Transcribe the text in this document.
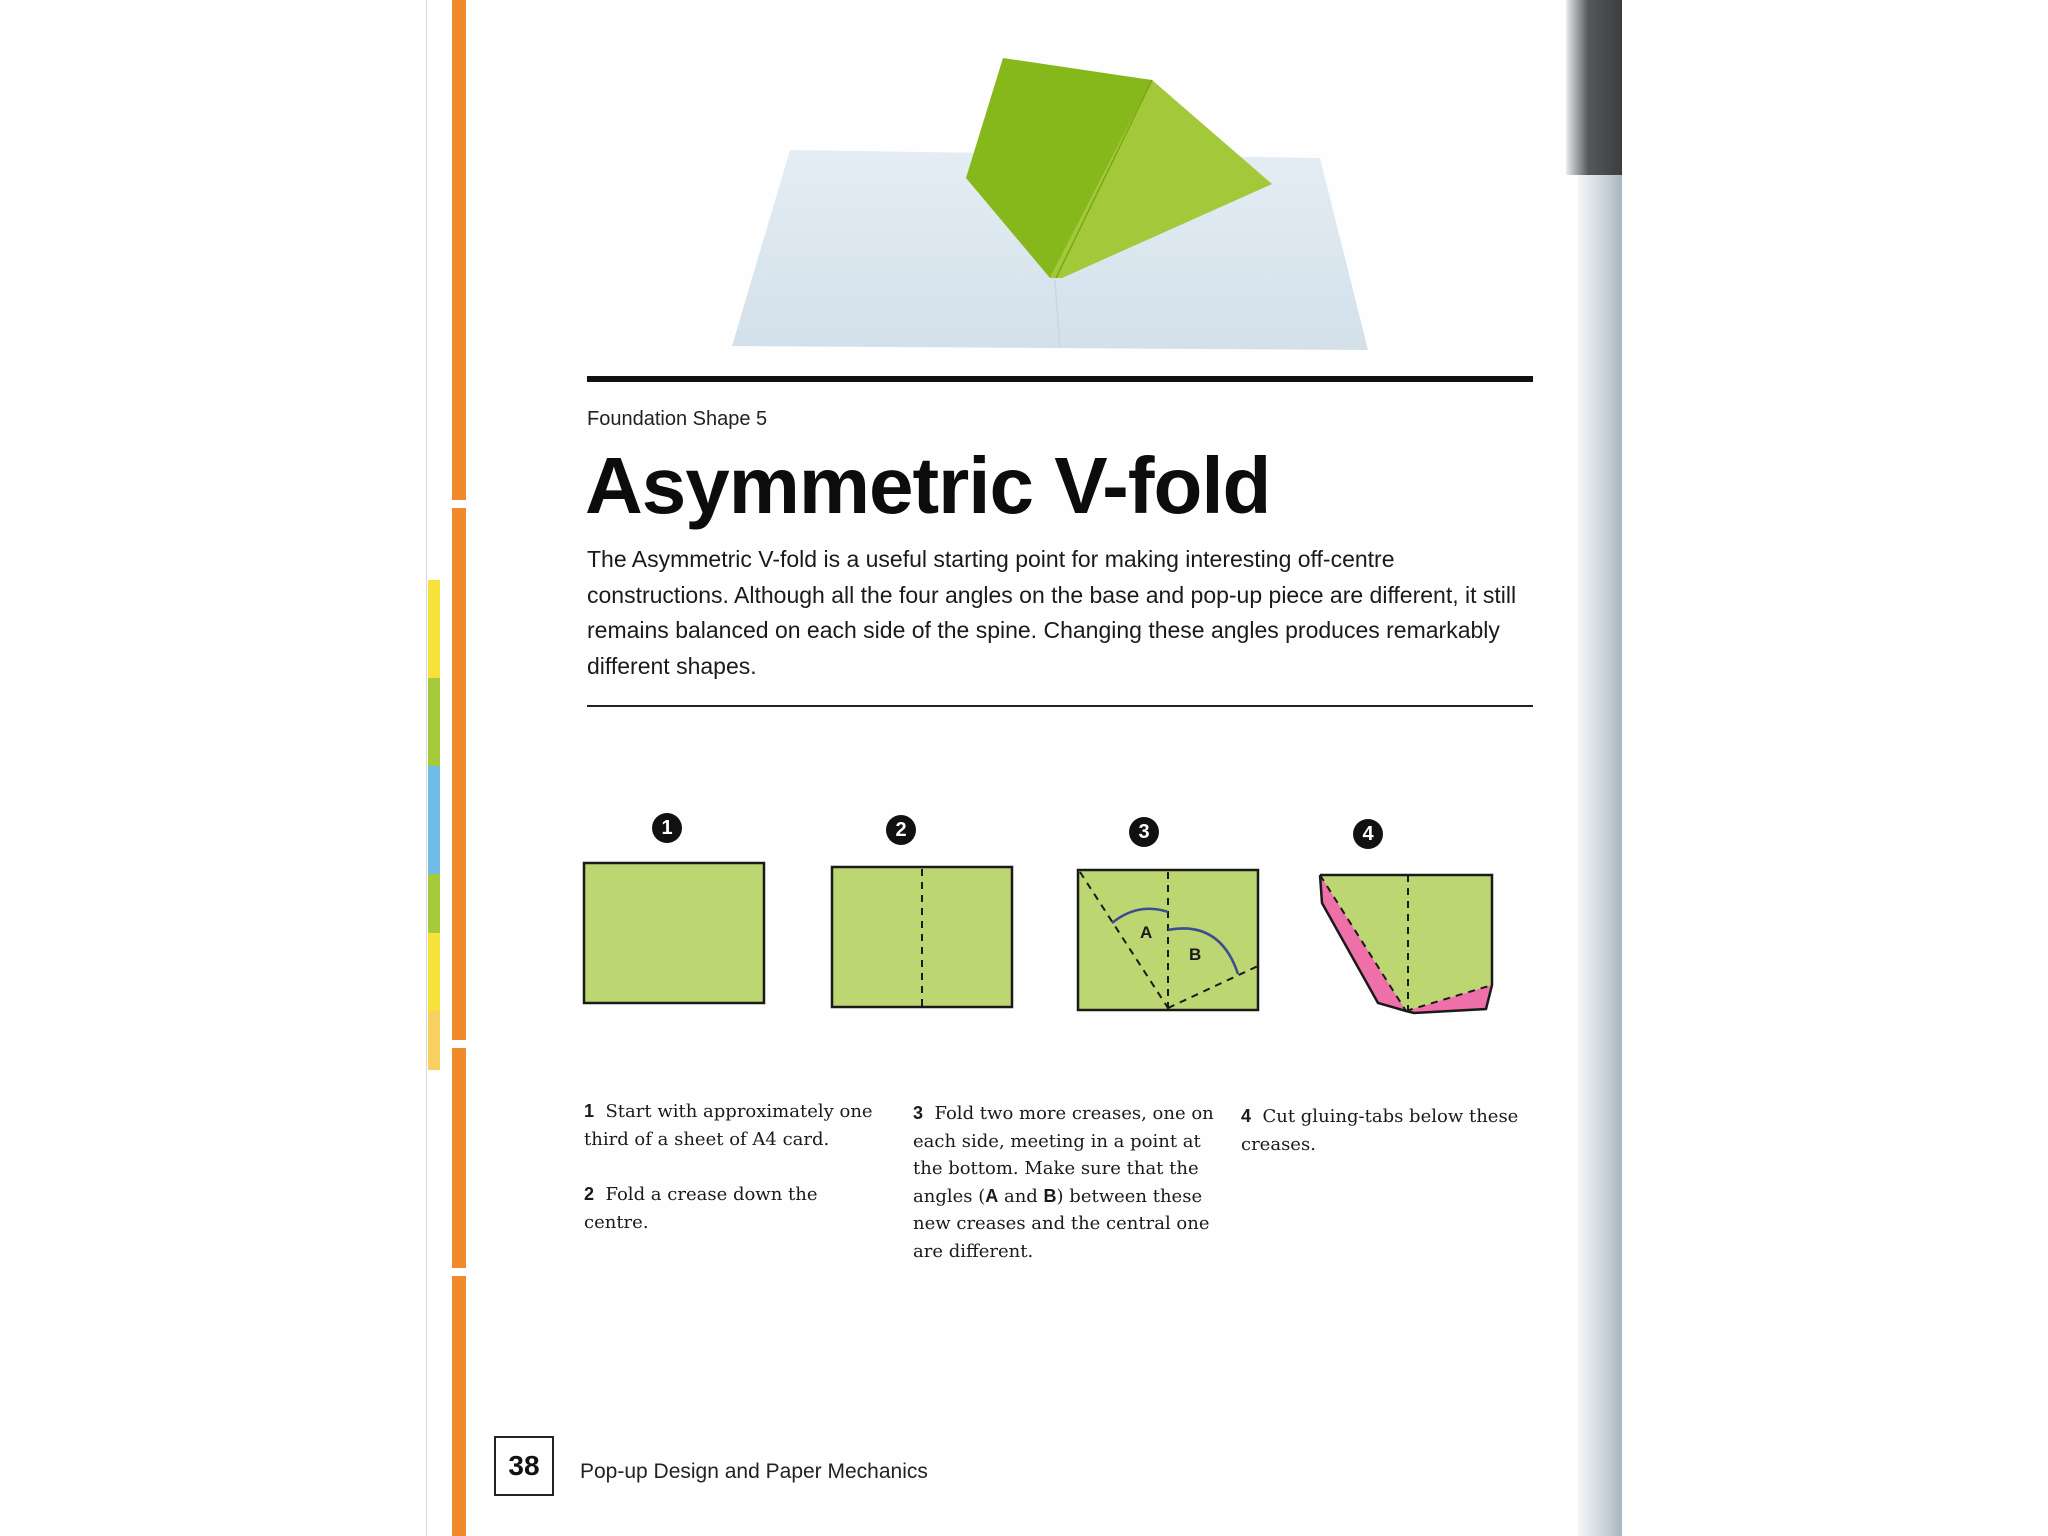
Foundation Shape 5
Asymmetric V-fold
The Asymmetric V-fold is a useful starting point for making interesting off-centre constructions. Although all the four angles on the base and pop-up piece are different, it still remains balanced on each side of the spine. Changing these angles produces remarkably different shapes.
1	2	3	4
A
B
1 Start with approximately one third of a sheet of A4 card.
2 Fold a crease down the centre.
3 Fold two more creases, one on each side, meeting in a point at the bottom. Make sure that the angles (A and B) between these new creases and the central one are different.
4 Cut gluing-tabs below these creases.
38	Pop-up Design and Paper Mechanics
